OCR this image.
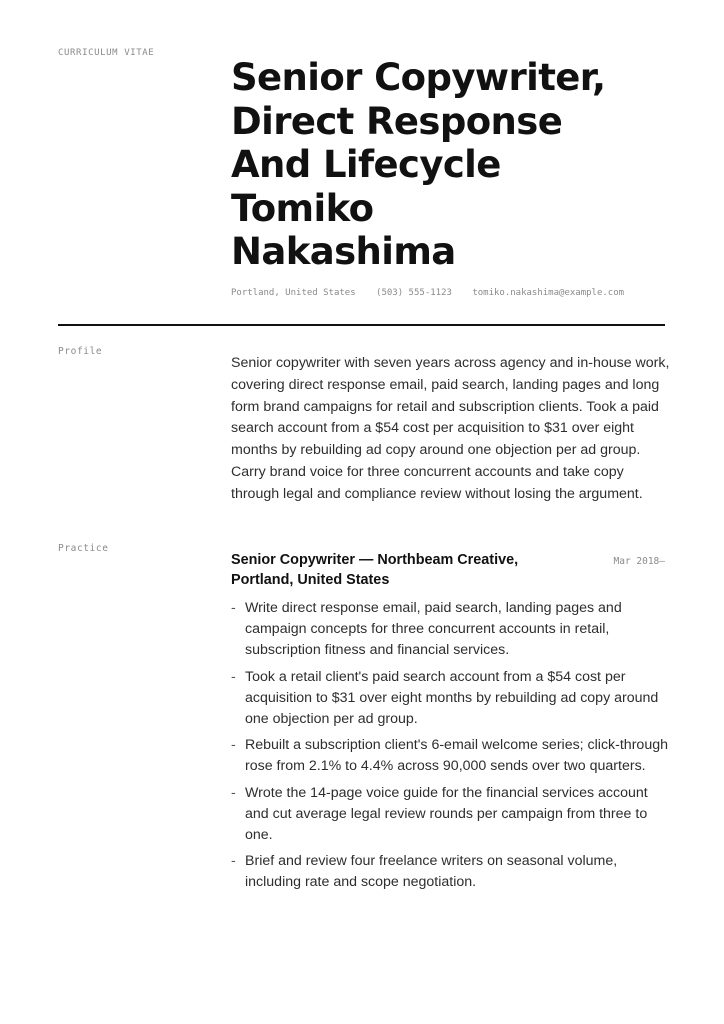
CURRICULUM VITAE
Senior Copywriter,
Direct Response
And Lifecycle
Tomiko
Nakashima
Portland, United States (503) 555-1123 tomiko.nakashima@example.com
Profile

Senior copywriter with seven years across agency and in-house work, covering direct response email, paid search, landing pages and long form brand campaigns for retail and subscription clients. Took a paid search account from a $54 cost per acquisition to $31 over eight months by rebuilding ad copy around one objection per ad group. Carry brand voice for three concurrent accounts and take copy through legal and compliance review without losing the argument.

Practice

Senior Copywriter — Northbeam Creative, Portland, United States

Mar 2018–
- Write direct response email, paid search, landing pages and campaign concepts for three concurrent accounts in retail, subscription fitness and financial services.
- Took a retail client's paid search account from a $54 cost per acquisition to $31 over eight months by rebuilding ad copy around one objection per ad group.
- Rebuilt a subscription client's 6-email welcome series; click-through rose from 2.1% to 4.4% across 90,000 sends over two quarters.
- Wrote the 14-page voice guide for the financial services account and cut average legal review rounds per campaign from three to one.
- Brief and review four freelance writers on seasonal volume, including rate and scope negotiation.
